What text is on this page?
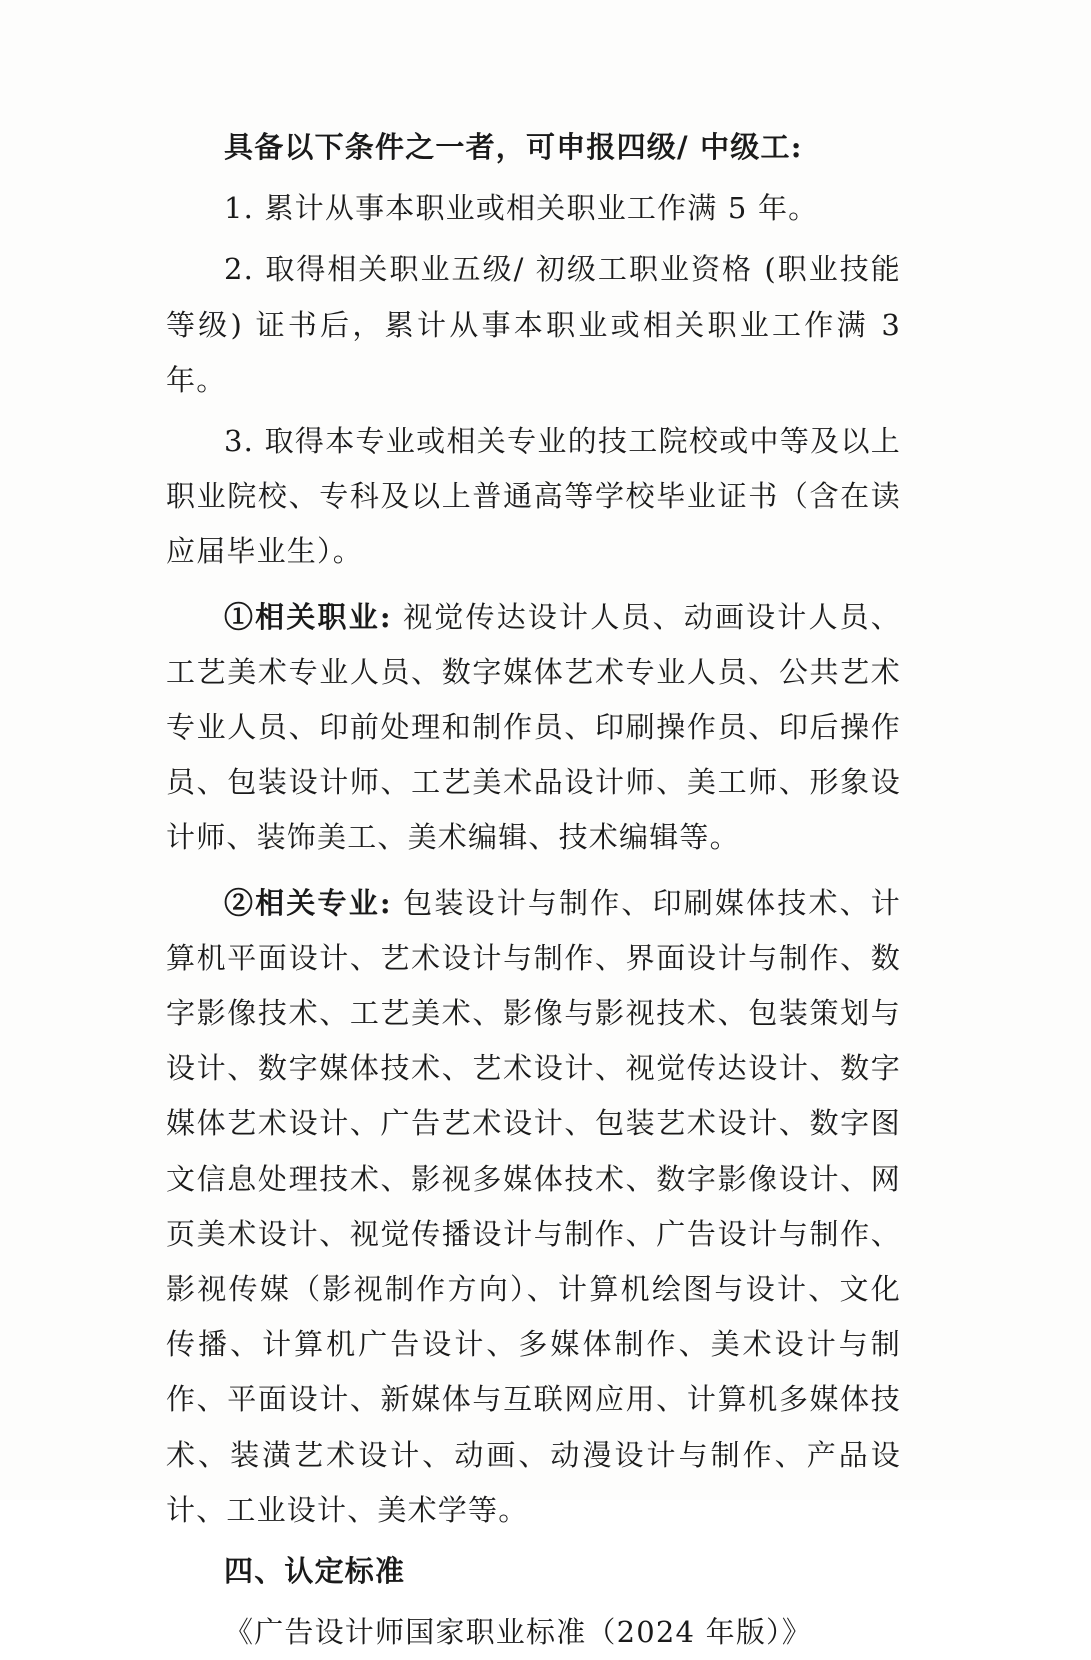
具备以下条件之一者，可申报四级/ 中级工:

1. 累计从事本职业或相关职业工作满 5 年。

2. 取得相关职业五级/ 初级工职业资格 (职业技能等级) 证书后，累计从事本职业或相关职业工作满 3 年。

3. 取得本专业或相关专业的技工院校或中等及以上职业院校、专科及以上普通高等学校毕业证书（含在读应届毕业生）。

①相关职业: 视觉传达设计人员、动画设计人员、工艺美术专业人员、数字媒体艺术专业人员、公共艺术专业人员、印前处理和制作员、印刷操作员、印后操作员、包装设计师、工艺美术品设计师、美工师、形象设计师、装饰美工、美术编辑、技术编辑等。

②相关专业: 包装设计与制作、印刷媒体技术、计算机平面设计、艺术设计与制作、界面设计与制作、数字影像技术、工艺美术、影像与影视技术、包装策划与设计、数字媒体技术、艺术设计、视觉传达设计、数字媒体艺术设计、广告艺术设计、包装艺术设计、数字图文信息处理技术、影视多媒体技术、数字影像设计、网页美术设计、视觉传播设计与制作、广告设计与制作、影视传媒（影视制作方向）、计算机绘图与设计、文化传播、计算机广告设计、多媒体制作、美术设计与制作、平面设计、新媒体与互联网应用、计算机多媒体技术、装潢艺术设计、动画、动漫设计与制作、产品设计、工业设计、美术学等。

四、认定标准

《广告设计师国家职业标准（2024 年版）》
